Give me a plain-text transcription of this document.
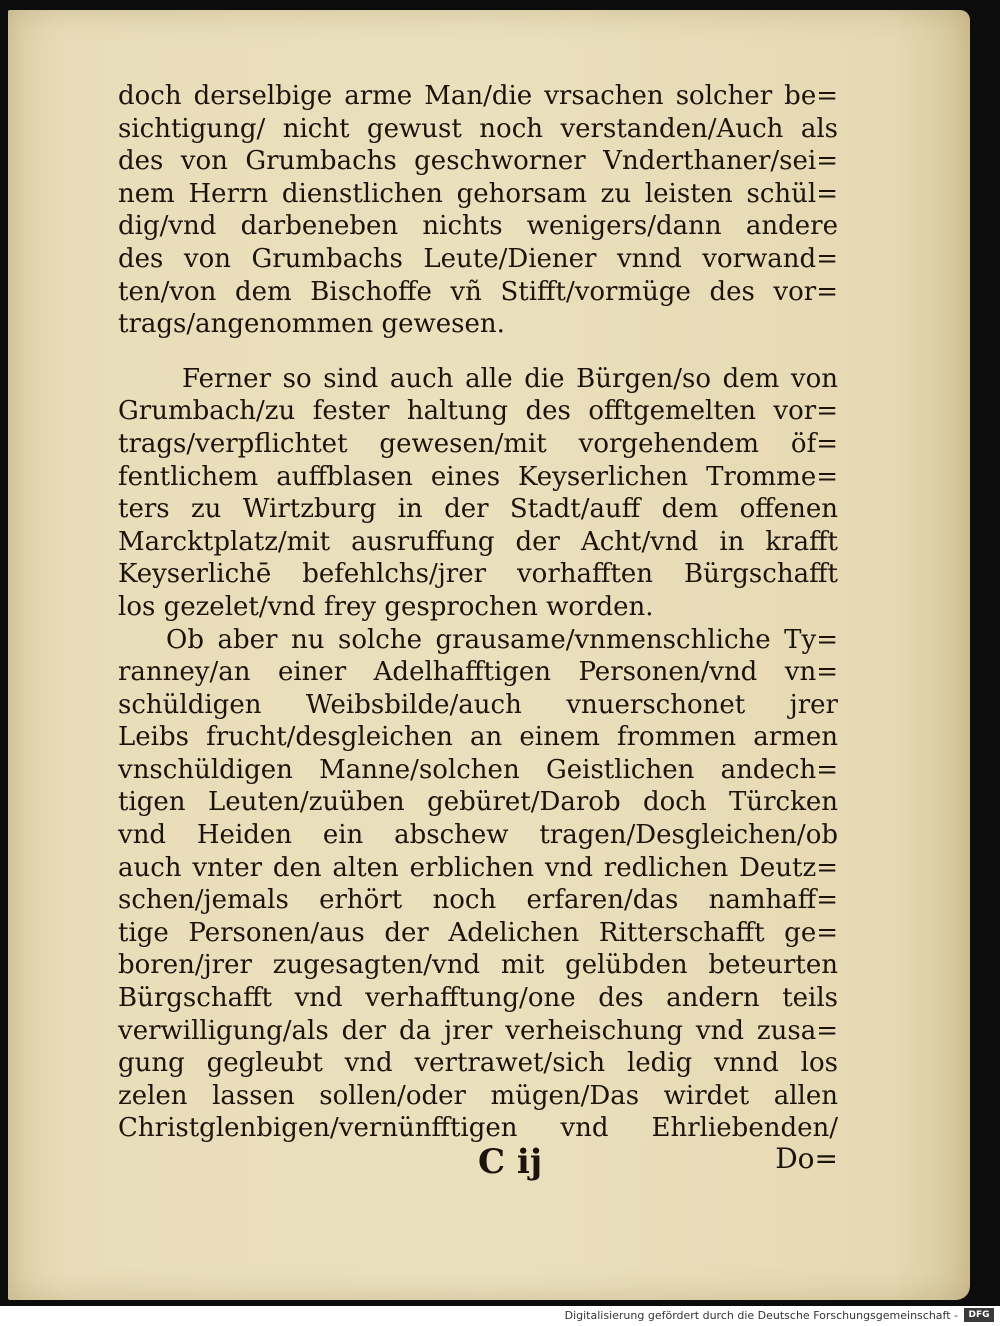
doch derselbige arme Man/die vrsachen solcher be=
sichtigung/ nicht gewust noch verstanden/Auch als
des von Grumbachs geschworner Vnderthaner/sei=
nem Herrn dienstlichen gehorsam zu leisten schül=
dig/vnd darbeneben nichts wenigers/dann andere
des von Grumbachs Leute/Diener vnnd vorwand=
ten/von dem Bischoffe vñ Stifft/vormüge des vor=
trags/angenommen gewesen.
Ferner so sind auch alle die Bürgen/so dem von
Grumbach/zu fester haltung des offtgemelten vor=
trags/verpflichtet gewesen/mit vorgehendem öf=
fentlichem auffblasen eines Keyserlichen Tromme=
ters zu Wirtzburg in der Stadt/auff dem offenen
Marcktplatz/mit ausruffung der Acht/vnd in krafft
Keyserlichē befehlchs/jrer vorhafften Bürgschafft
los gezelet/vnd frey gesprochen worden.
Ob aber nu solche grausame/vnmenschliche Ty=
ranney/an einer Adelhafftigen Personen/vnd vn=
schüldigen Weibsbilde/auch vnuerschonet jrer
Leibs frucht/desgleichen an einem frommen armen
vnschüldigen Manne/solchen Geistlichen andech=
tigen Leuten/zuüben gebüret/Darob doch Türcken
vnd Heiden ein abschew tragen/Desgleichen/ob
auch vnter den alten erblichen vnd redlichen Deutz=
schen/jemals erhört noch erfaren/das namhaff=
tige Personen/aus der Adelichen Ritterschafft ge=
boren/jrer zugesagten/vnd mit gelübden beteurten
Bürgschafft vnd verhafftung/one des andern teils
verwilligung/als der da jrer verheischung vnd zusa=
gung gegleubt vnd vertrawet/sich ledig vnnd los
zelen lassen sollen/oder mügen/Das wirdet allen
Christglenbigen/vernünfftigen vnd Ehrliebenden/
C ij	Do=
Digitalisierung gefördert durch die Deutsche Forschungsgemeinschaft -	DFG
